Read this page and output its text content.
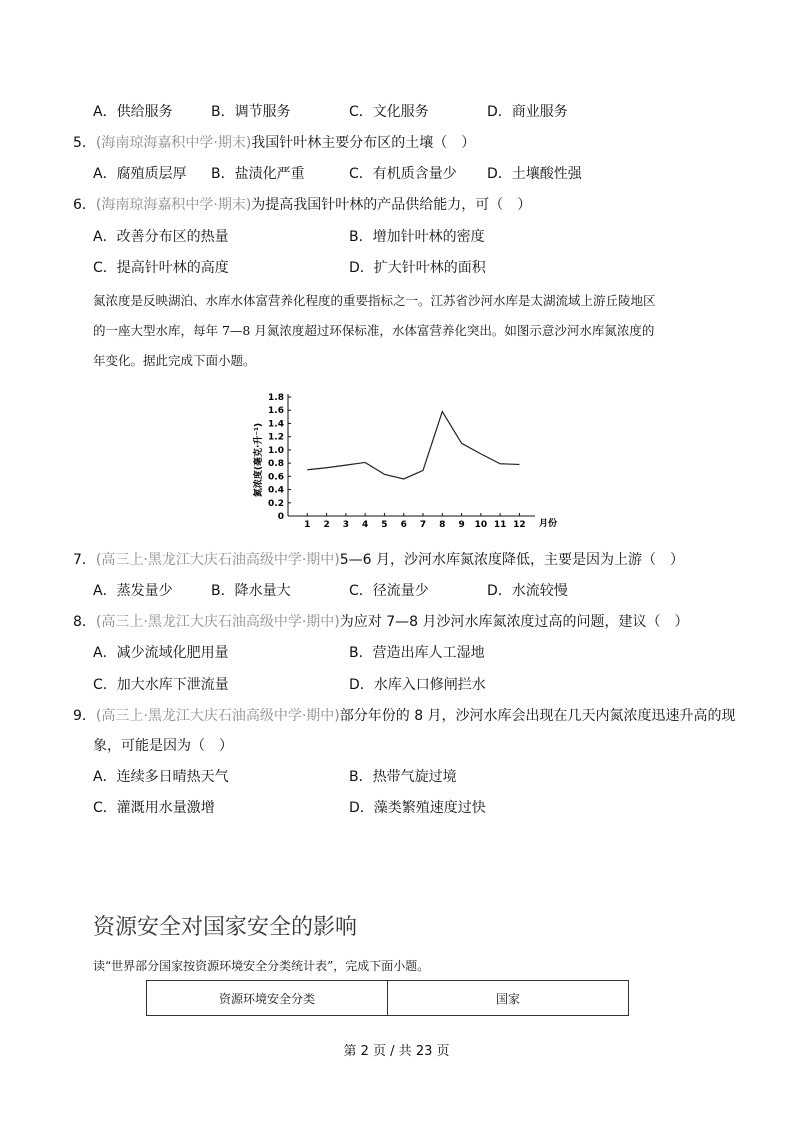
A．供给服务	B．调节服务	C．文化服务	D．商业服务
5．(海南琼海嘉积中学·期末)我国针叶林主要分布区的土壤（　）
A．腐殖质层厚 B．盐渍化严重	C．有机质含量少 D．土壤酸性强
6．(海南琼海嘉积中学·期末)为提高我国针叶林的产品供给能力，可（　）
A．改善分布区的热量	B．增加针叶林的密度
C．提高针叶林的高度	D．扩大针叶林的面积
氮浓度是反映湖泊、水库水体富营养化程度的重要指标之一。江苏省沙河水库是太湖流域上游丘陵地区
的一座大型水库，每年 7—8 月氮浓度超过环保标准，水体富营养化突出。如图示意沙河水库氮浓度的
年变化。据此完成下面小题。
氮浓度(毫克·升⁻¹)
月份
0
0.2
0.4
0.6
0.8
1.0
1.2
1.4
1.6
1.8
1 2 3 4 5 6 7 8 9 10 11 12
7．(高三上·黑龙江大庆石油高级中学·期中)5—6 月，沙河水库氮浓度降低，主要是因为上游（　）
A．蒸发量少	B．降水量大	C．径流量少	D．水流较慢
8．(高三上·黑龙江大庆石油高级中学·期中)为应对 7—8 月沙河水库氮浓度过高的问题，建议（　）
A．减少流域化肥用量	B．营造出库人工湿地
C．加大水库下泄流量	D．水库入口修闸拦水
9．(高三上·黑龙江大庆石油高级中学·期中)部分年份的 8 月，沙河水库会出现在几天内氮浓度迅速升高的现
象，可能是因为（　）
A．连续多日晴热天气	B．热带气旋过境
C．灌溉用水量激增	D．藻类繁殖速度过快
资源安全对国家安全的影响
读“世界部分国家按资源环境安全分类统计表”，完成下面小题。
资源环境安全分类	国家
第 2 页 / 共 23 页
